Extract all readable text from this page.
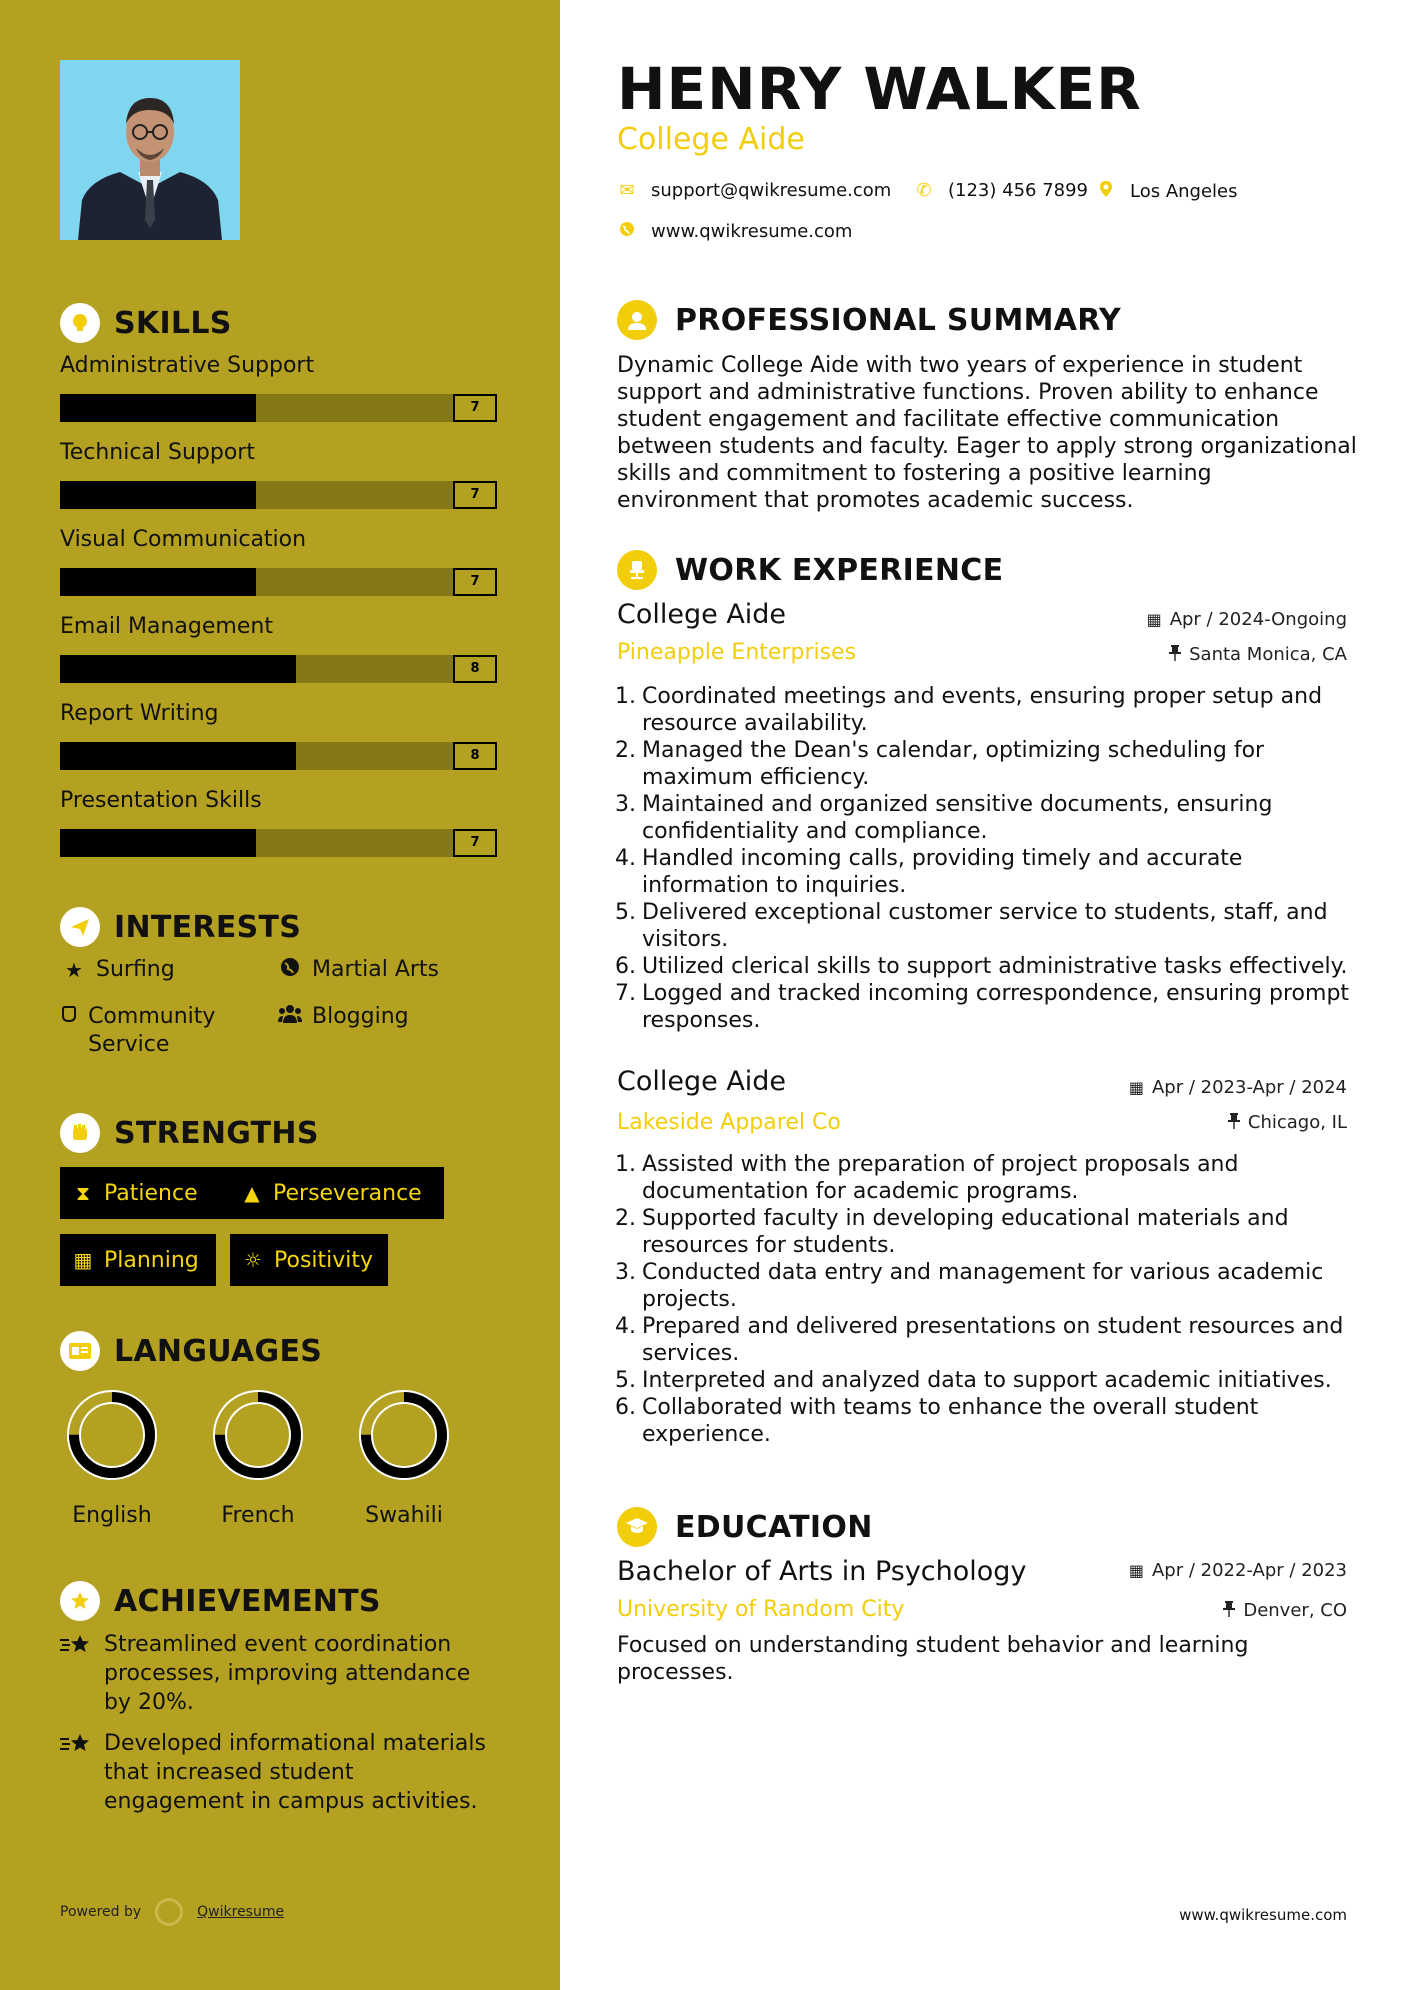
SKILLS
Administrative Support
7
Technical Support
7
Visual Communication
7
Email Management
8
Report Writing
8
Presentation Skills
7
INTERESTS
★ Surfing	Martial Arts
Community Service
Blogging
STRENGTHS
⧗ Patience ▲ Perseverance
▦ Planning ☼ Positivity
LANGUAGES
English	French	Swahili
ACHIEVEMENTS
Streamlined event coordination processes, improving attendance by 20%.
Developed informational materials that increased student engagement in campus activities.
Powered by	Qwikresume
HENRY WALKER
College Aide
✉ support@qwikresume.com ✆ (123) 456 7899 Los Angeles
www.qwikresume.com
PROFESSIONAL SUMMARY
Dynamic College Aide with two years of experience in student support and administrative functions. Proven ability to enhance student engagement and facilitate effective communication between students and faculty. Eager to apply strong organizational skills and commitment to fostering a positive learning environment that promotes academic success.
WORK EXPERIENCE
College Aide	▦ Apr / 2024-Ongoing
Pineapple Enterprises	Santa Monica, CA
1. Coordinated meetings and events, ensuring proper setup and resource availability.
2. Managed the Dean's calendar, optimizing scheduling for maximum efficiency.
3. Maintained and organized sensitive documents, ensuring confidentiality and compliance.
4. Handled incoming calls, providing timely and accurate information to inquiries.
5. Delivered exceptional customer service to students, staff, and visitors.
6. Utilized clerical skills to support administrative tasks effectively.
7. Logged and tracked incoming correspondence, ensuring prompt responses.
College Aide	▦ Apr / 2023-Apr / 2024
Lakeside Apparel Co	Chicago, IL
1. Assisted with the preparation of project proposals and documentation for academic programs.
2. Supported faculty in developing educational materials and resources for students.
3. Conducted data entry and management for various academic projects.
4. Prepared and delivered presentations on student resources and services.
5. Interpreted and analyzed data to support academic initiatives.
6. Collaborated with teams to enhance the overall student experience.
EDUCATION
Bachelor of Arts in Psychology	▦ Apr / 2022-Apr / 2023
University of Random City	Denver, CO
Focused on understanding student behavior and learning processes.
www.qwikresume.com
